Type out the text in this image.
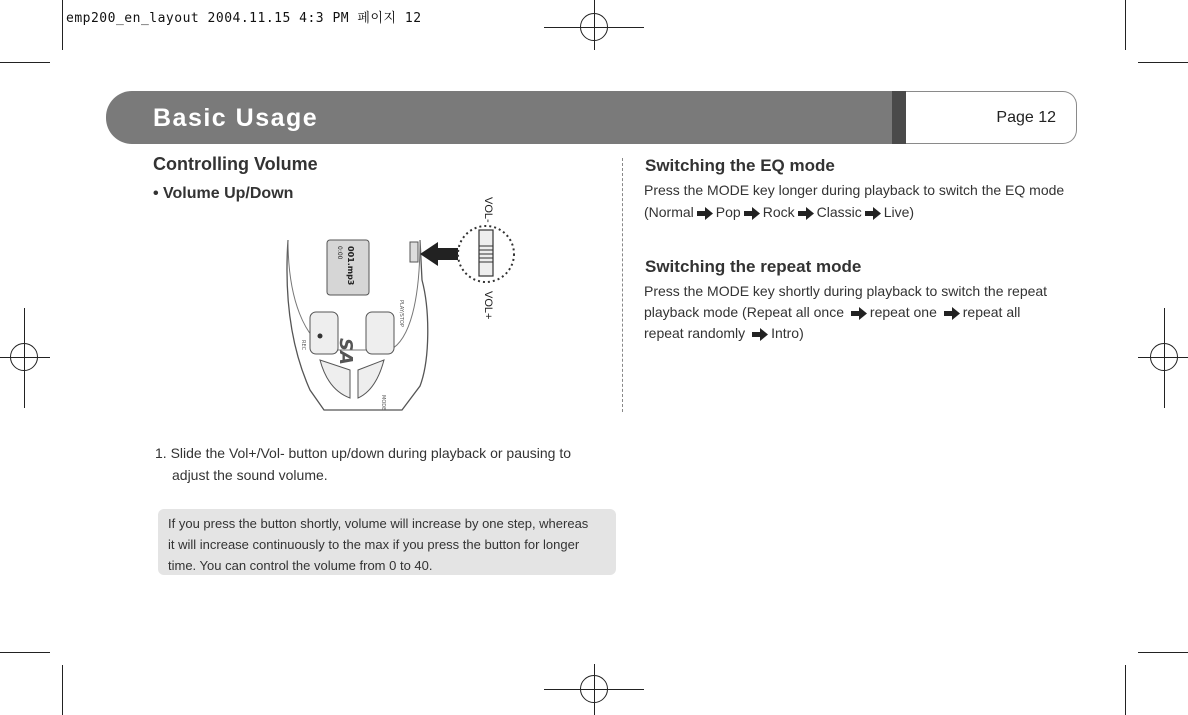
emp200_en_layout 2004.11.15 4:3 PM 페이지 12
Basic Usage	Page 12
Controlling Volume
• Volume Up/Down
001.mp3
0:00
SA
PLAY/STOP
REC
MODE
VOL-
VOL+
1. Slide the Vol+/Vol- button up/down during playback or pausing to
adjust the sound volume.
If you press the button shortly, volume will increase by one step, whereas
it will increase continuously to the max if you press the button for longer
time. You can control the volume from 0 to 40.
Switching the EQ mode
Press the MODE key longer during playback to switch the EQ mode
(Normal Pop Rock Classic Live)
Switching the repeat mode
Press the MODE key shortly during playback to switch the repeat
playback mode (Repeat all once repeat one repeat all
repeat randomly Intro)
